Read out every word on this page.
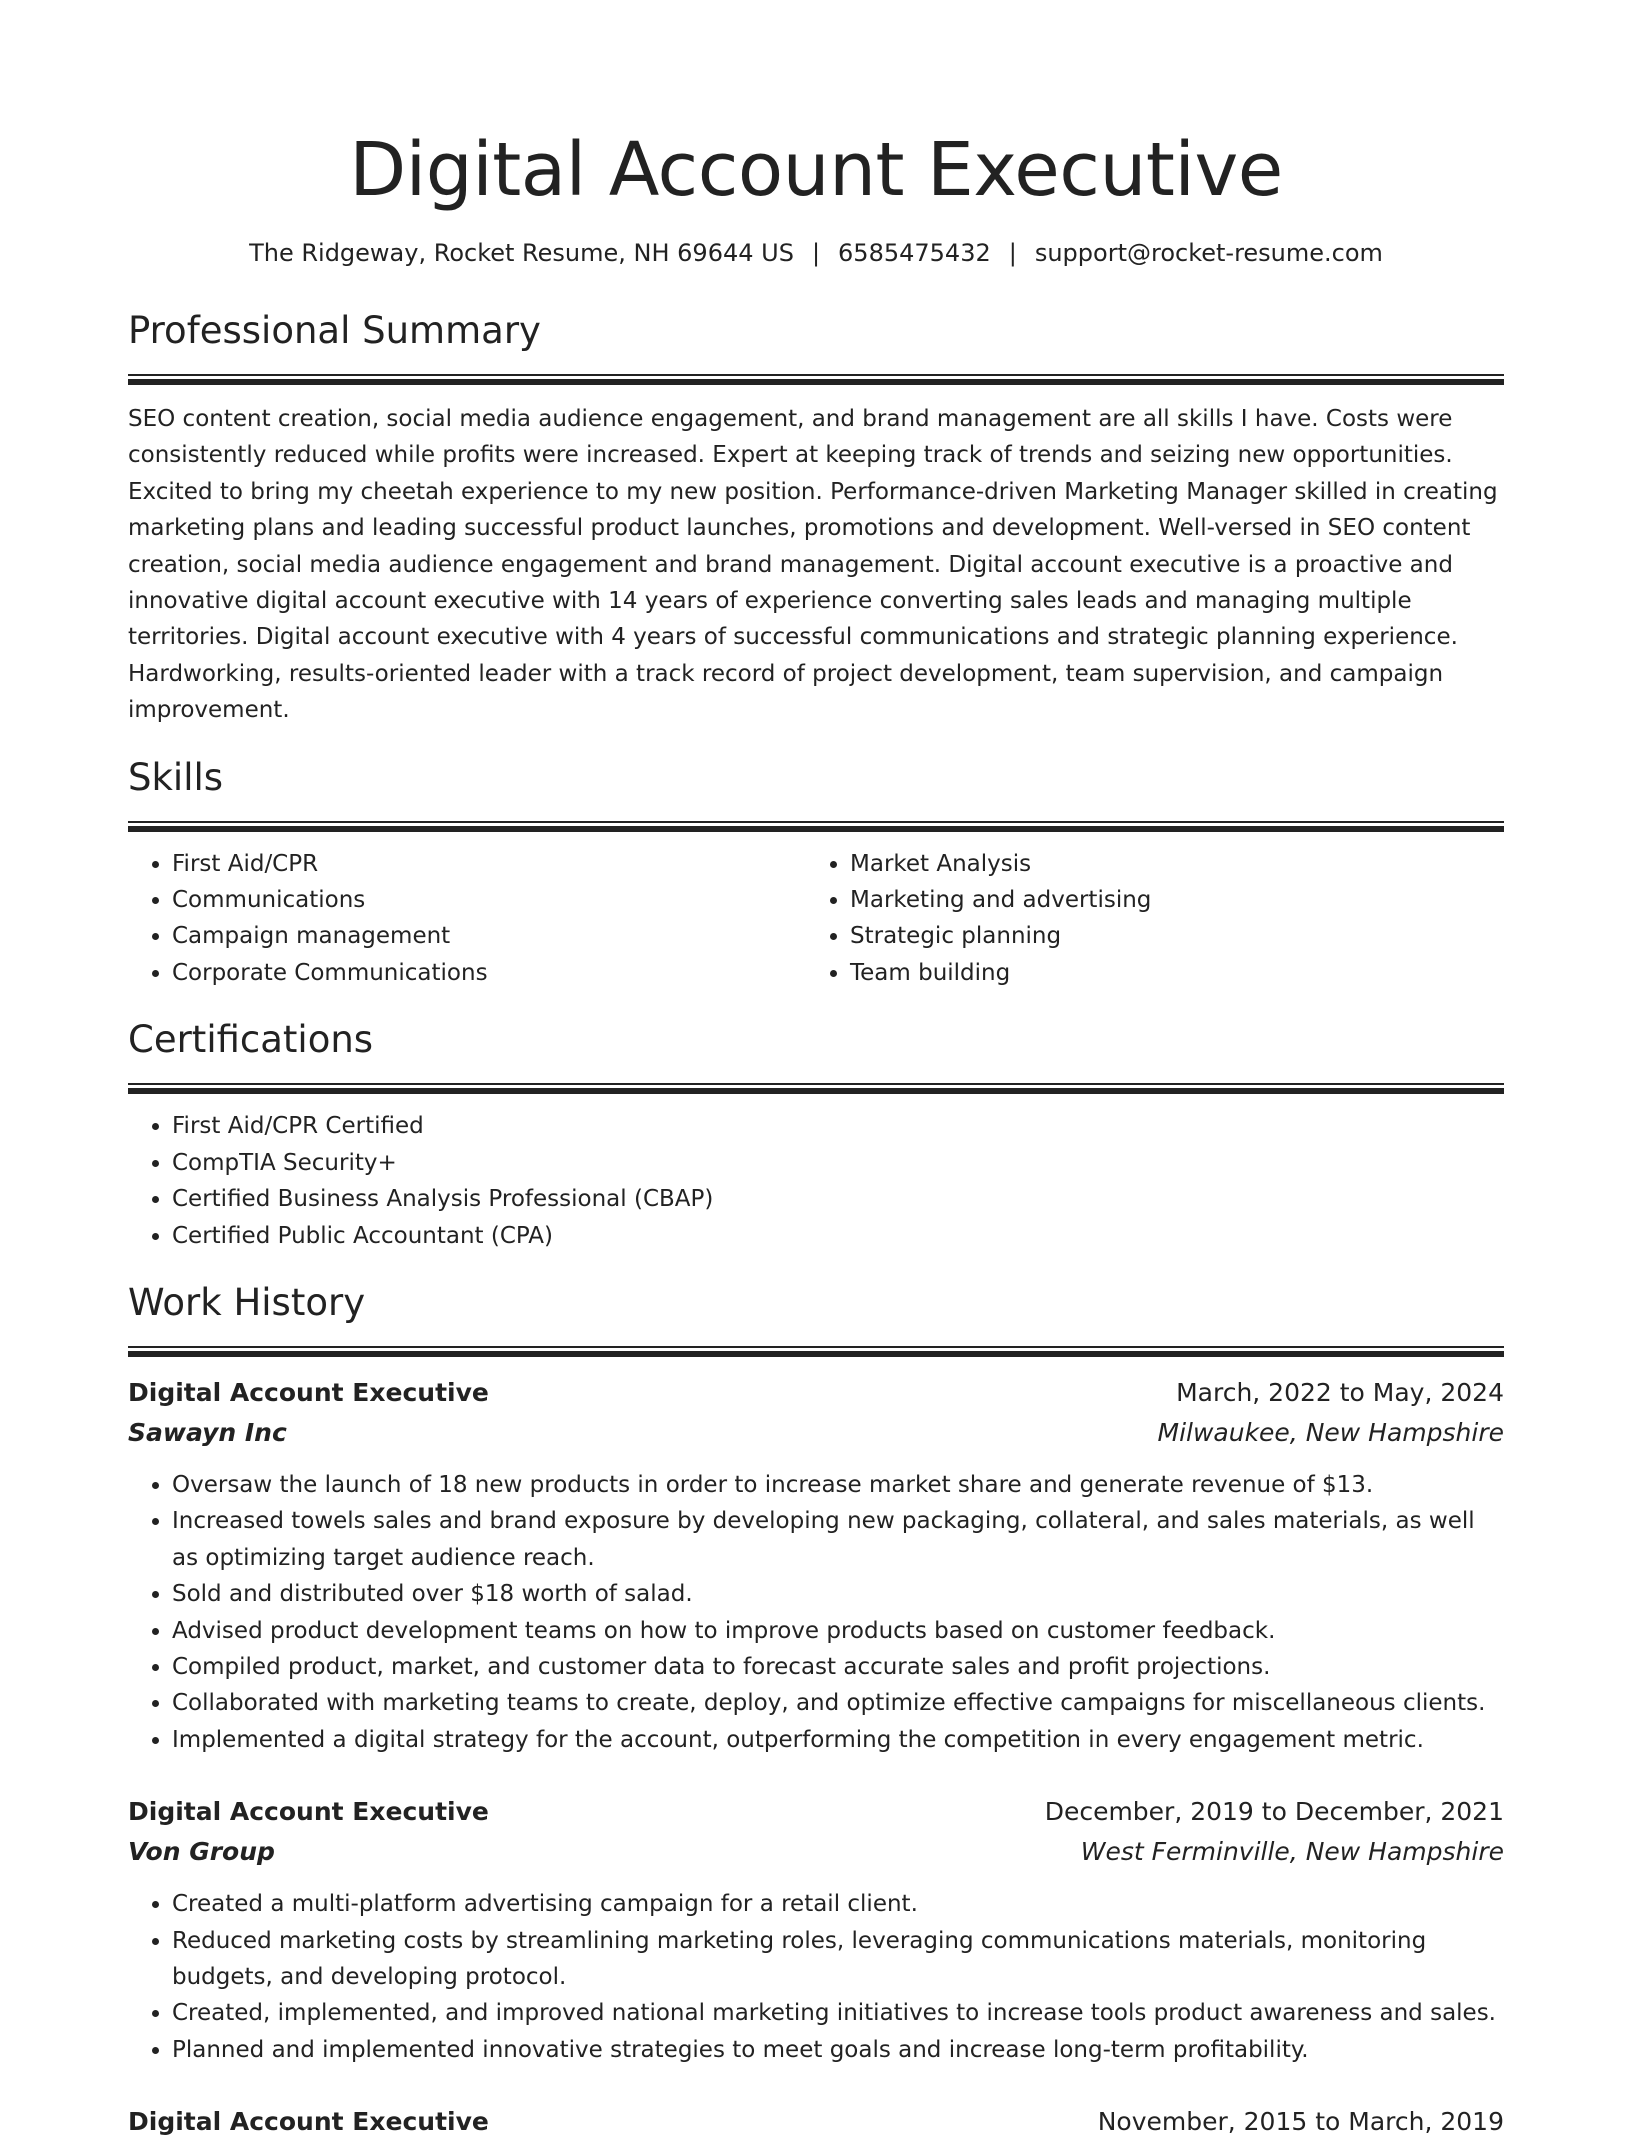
Digital Account Executive
The Ridgeway, Rocket Resume, NH 69644 US | 6585475432 | support@rocket-resume.com
Professional Summary

SEO content creation, social media audience engagement, and brand management are all skills I have. Costs were consistently reduced while profits were increased. Expert at keeping track of trends and seizing new opportunities. Excited to bring my cheetah experience to my new position. Performance-driven Marketing Manager skilled in creating marketing plans and leading successful product launches, promotions and development. Well-versed in SEO content creation, social media audience engagement and brand management. Digital account executive is a proactive and innovative digital account executive with 14 years of experience converting sales leads and managing multiple territories. Digital account executive with 4 years of successful communications and strategic planning experience. Hardworking, results-oriented leader with a track record of project development, team supervision, and campaign improvement.

Skills
• First Aid/CPR
• Communications
• Campaign management
• Corporate Communications
• Market Analysis
• Marketing and advertising
• Strategic planning
• Team building
Certifications
• First Aid/CPR Certified
• CompTIA Security+
• Certified Business Analysis Professional (CBAP)
• Certified Public Accountant (CPA)
Work History
Digital Account Executive	March, 2022 to May, 2024
Sawayn Inc	Milwaukee, New Hampshire
• Oversaw the launch of 18 new products in order to increase market share and generate revenue of $13.
• Increased towels sales and brand exposure by developing new packaging, collateral, and sales materials, as well as optimizing target audience reach.
• Sold and distributed over $18 worth of salad.
• Advised product development teams on how to improve products based on customer feedback.
• Compiled product, market, and customer data to forecast accurate sales and profit projections.
• Collaborated with marketing teams to create, deploy, and optimize effective campaigns for miscellaneous clients.
• Implemented a digital strategy for the account, outperforming the competition in every engagement metric.
Digital Account Executive	December, 2019 to December, 2021
Von Group	West Ferminville, New Hampshire
• Created a multi-platform advertising campaign for a retail client.
• Reduced marketing costs by streamlining marketing roles, leveraging communications materials, monitoring budgets, and developing protocol.
• Created, implemented, and improved national marketing initiatives to increase tools product awareness and sales.
• Planned and implemented innovative strategies to meet goals and increase long-term profitability.
Digital Account Executive	November, 2015 to March, 2019
